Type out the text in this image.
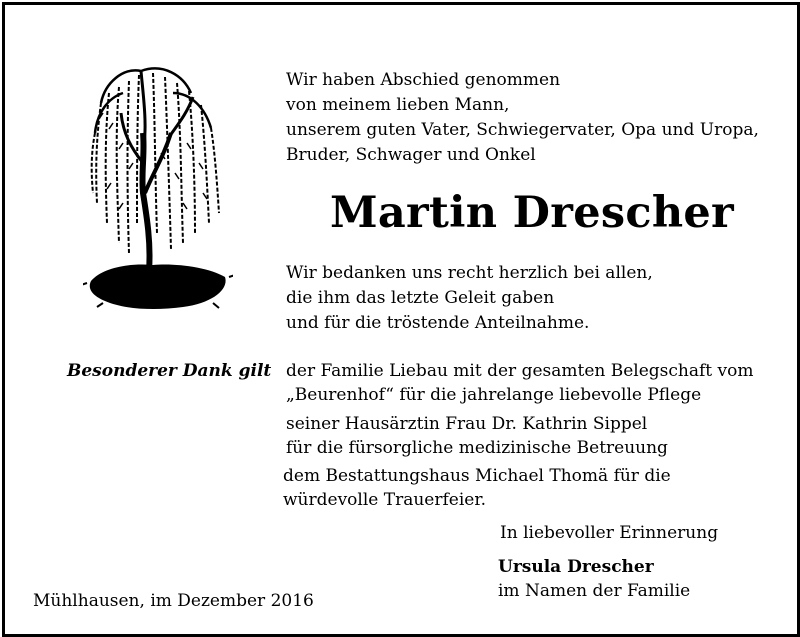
Wir haben Abschied genommen
von meinem lieben Mann,
unserem guten Vater, Schwiegervater, Opa und Uropa,
Bruder, Schwager und Onkel
Martin Drescher
Wir bedanken uns recht herzlich bei allen,
die ihm das letzte Geleit gaben
und für die tröstende Anteilnahme.
Besonderer Dank gilt der Familie Liebau mit der gesamten Belegschaft vom
„Beurenhof“ für die jahrelange liebevolle Pflege
seiner Hausärztin Frau Dr. Kathrin Sippel
für die fürsorgliche medizinische Betreuung
dem Bestattungshaus Michael Thomä für die
würdevolle Trauerfeier.
In liebevoller Erinnerung
Ursula Drescher
im Namen der Familie
Mühlhausen, im Dezember 2016
